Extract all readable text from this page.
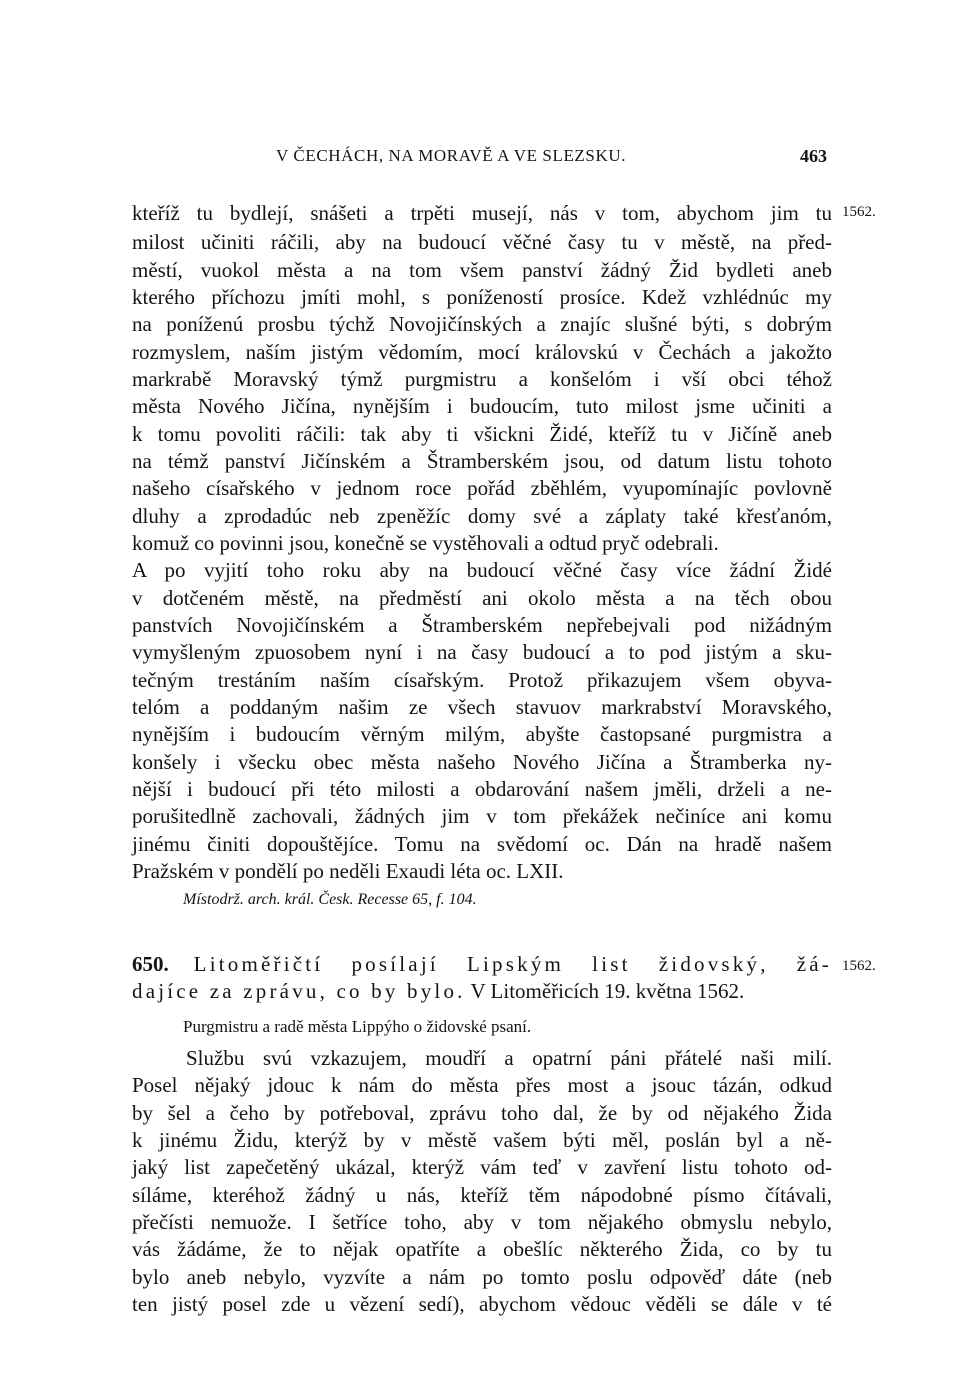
V ČECHÁCH, NA MORAVĚ A VE SLEZSKU.	463
1562.
kteříž tu bydlejí, snášeti a trpěti musejí, nás v tom, abychom jim tu
milost učiniti ráčili, aby na budoucí věčné časy tu v městě, na před-
městí, vuokol města a na tom všem panství žádný Žid bydleti aneb
kterého příchozu jmíti mohl, s ponížeností prosíce. Kdež vzhlédnúc my
na poníženú prosbu týchž Novojičínských a znajíc slušné býti, s dobrým
rozmyslem, naším jistým vědomím, mocí královskú v Čechách a jakožto
markrabě Moravský týmž purgmistru a konšelóm i vší obci téhož
města Nového Jičína, nynějším i budoucím, tuto milost jsme učiniti a
k tomu povoliti ráčili: tak aby ti všickni Židé, kteříž tu v Jičíně aneb
na témž panství Jičínském a Štramberském jsou, od datum listu tohoto
našeho císařského v jednom roce pořád zběhlém, vyupomínajíc povlovně
dluhy a zprodadúc neb zpeněžíc domy své a záplaty také křesťanóm,
komuž co povinni jsou, konečně se vystěhovali a odtud pryč odebrali.
A po vyjití toho roku aby na budoucí věčné časy více žádní Židé
v dotčeném městě, na předměstí ani okolo města a na těch obou
panstvích Novojičínském a Štramberském nepřebejvali pod nižádným
vymyšleným zpuosobem nyní i na časy budoucí a to pod jistým a sku-
tečným trestáním naším císařským. Protož přikazujem všem obyva-
telóm a poddaným našim ze všech stavuov markrabství Moravského,
nynějším i budoucím věrným milým, abyšte častopsané purgmistra a
konšely i všecku obec města našeho Nového Jičína a Štramberka ny-
nější i budoucí při této milosti a obdarování našem jměli, drželi a ne-
porušitedlně zachovali, žádných jim v tom překážek nečiníce ani komu
jinému činiti dopouštějíce. Tomu na svědomí oc. Dán na hradě našem
Pražském v pondělí po neděli Exaudi léta oc. LXII.
Místodrž. arch. král. Česk. Recesse 65, f. 104.
1562.
650. Litoměřičtí posílají Lipským list židovský, žá-
dajíce za zprávu, co by bylo. V Litoměřicích 19. května 1562.
Purgmistru a radě města Lippýho o židovské psaní.
Službu svú vzkazujem, moudří a opatrní páni přátelé naši milí.
Posel nějaký jdouc k nám do města přes most a jsouc tázán, odkud
by šel a čeho by potřeboval, zprávu toho dal, že by od nějakého Žida
k jinému Židu, kterýž by v městě vašem býti měl, poslán byl a ně-
jaký list zapečetěný ukázal, kterýž vám teď v zavření listu tohoto od-
síláme, kteréhož žádný u nás, kteříž těm nápodobné písmo čítávali,
přečísti nemuože. I šetříce toho, aby v tom nějakého obmyslu nebylo,
vás žádáme, že to nějak opatříte a obešlíc některého Žida, co by tu
bylo aneb nebylo, vyzvíte a nám po tomto poslu odpověď dáte (neb
ten jistý posel zde u vězení sedí), abychom vědouc věděli se dále v té
